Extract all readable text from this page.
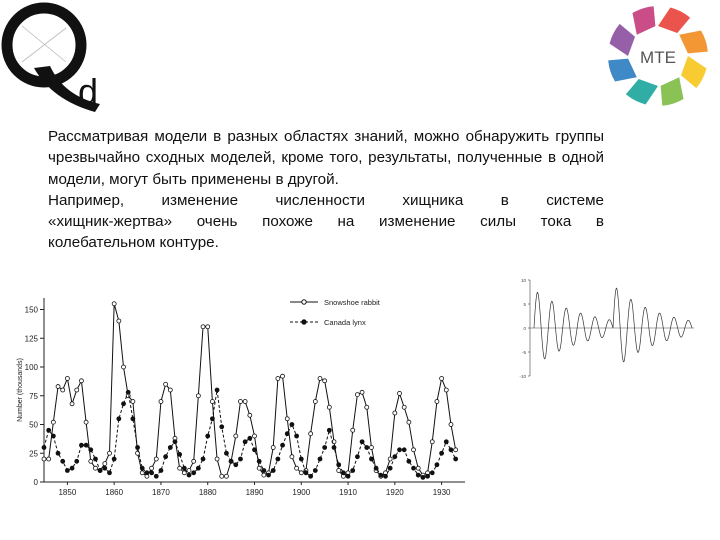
d
MTE

Рассматривая модели в разных областях знаний, можно обнаружить группы чрезвычайно сходных моделей, кроме того, результаты, полученные в одной модели, могут быть применены в другой.

Например, изменение численности хищника в системе

«хищник-жертва» очень похоже на изменение силы тока в

колебательном контуре.

0
25
50
75
100
125
150
1850	1860	1870	1880	1890	1900	1910	1920	1930
Number (thousands)
Snowshoe rabbit
Canada lynx
-10
-5
0
5
10
